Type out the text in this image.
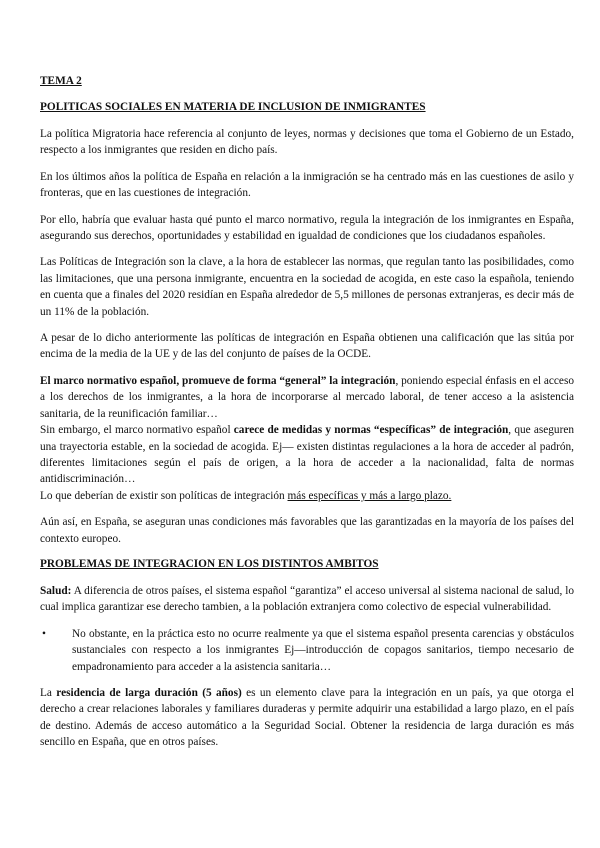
TEMA 2
POLITICAS SOCIALES EN MATERIA DE INCLUSION DE INMIGRANTES

La política Migratoria hace referencia al conjunto de leyes, normas y decisiones que toma el Gobierno de un Estado, respecto a los inmigrantes que residen en dicho país.

En los últimos años la política de España en relación a la inmigración se ha centrado más en las cuestiones de asilo y fronteras, que en las cuestiones de integración.

Por ello, habría que evaluar hasta qué punto el marco normativo, regula la integración de los inmigrantes en España, asegurando sus derechos, oportunidades y estabilidad en igualdad de condiciones que los ciudadanos españoles.

Las Políticas de Integración son la clave, a la hora de establecer las normas, que regulan tanto las posibilidades, como las limitaciones, que una persona inmigrante, encuentra en la sociedad de acogida, en este caso la española, teniendo en cuenta que a finales del 2020 residían en España alrededor de 5,5 millones de personas extranjeras, es decir más de un 11% de la población.

A pesar de lo dicho anteriormente las políticas de integración en España obtienen una calificación que las sitúa por encima de la media de la UE y de las del conjunto de países de la OCDE.

El marco normativo español, promueve de forma “general” la integración, poniendo especial énfasis en el acceso a los derechos de los inmigrantes, a la hora de incorporarse al mercado laboral, de tener acceso a la asistencia sanitaria, de la reunificación familiar…

Sin embargo, el marco normativo español carece de medidas y normas “específicas” de integración, que aseguren una trayectoria estable, en la sociedad de acogida. Ej— existen distintas regulaciones a la hora de acceder al padrón, diferentes limitaciones según el país de origen, a la hora de acceder a la nacionalidad, falta de normas antidiscriminación…

Lo que deberían de existir son políticas de integración más específicas y más a largo plazo.

Aún así, en España, se aseguran unas condiciones más favorables que las garantizadas en la mayoría de los países del contexto europeo.

PROBLEMAS DE INTEGRACION EN LOS DISTINTOS AMBITOS

Salud: A diferencia de otros países, el sistema español “garantiza” el acceso universal al sistema nacional de salud, lo cual implica garantizar ese derecho tambien, a la población extranjera como colectivo de especial vulnerabilidad.

•	No obstante, en la práctica esto no ocurre realmente ya que el sistema español presenta carencias y obstáculos sustanciales con respecto a los inmigrantes Ej—introducción de copagos sanitarios, tiempo necesario de empadronamiento para acceder a la asistencia sanitaria…

La residencia de larga duración (5 años) es un elemento clave para la integración en un país, ya que otorga el derecho a crear relaciones laborales y familiares duraderas y permite adquirir una estabilidad a largo plazo, en el país de destino. Además de acceso automático a la Seguridad Social. Obtener la residencia de larga duración es más sencillo en España, que en otros países.
